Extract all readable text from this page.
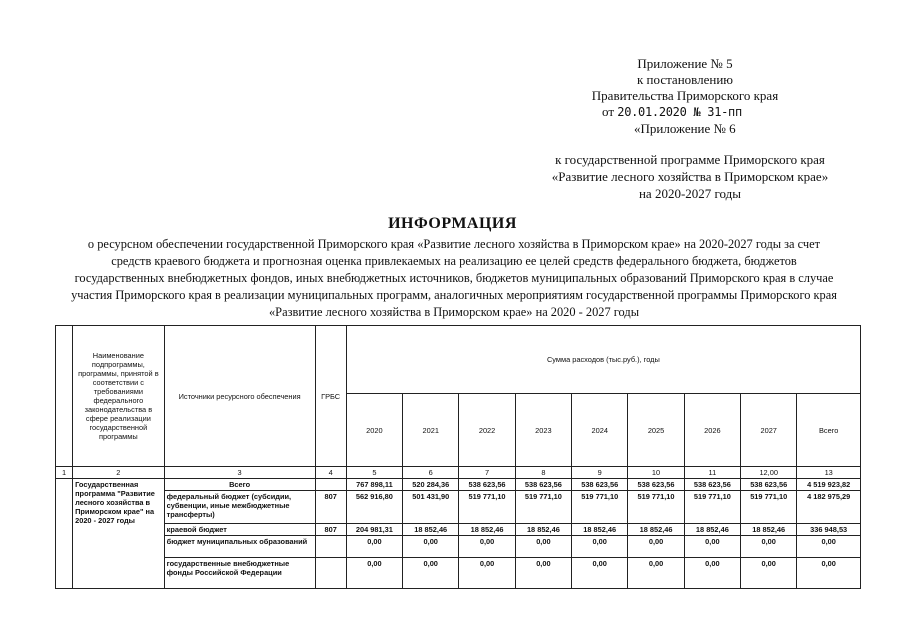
Приложение № 5
к постановлению
Правительства Приморского края
от 20.01.2020 № 31-пп
«Приложение № 6
к государственной программе Приморского края
«Развитие лесного хозяйства в Приморском крае»
на 2020-2027 годы
ИНФОРМАЦИЯ
о ресурсном обеспечении государственной Приморского края «Развитие лесного хозяйства в Приморском крае» на 2020-2027 годы за счет
средств краевого бюджета и прогнозная оценка привлекаемых на реализацию ее целей средств федерального бюджета, бюджетов
государственных внебюджетных фондов, иных внебюджетных источников, бюджетов муниципальных образований Приморского края в случае
участия Приморского края в реализации муниципальных программ, аналогичных мероприятиям государственной программы Приморского края
«Развитие лесного хозяйства в Приморском крае» на 2020 - 2027 годы
	Наименование подпрограммы, программы, принятой в соответствии с требованиями федерального законодательства в сфере реализации государственной программы	Источники ресурсного обеспечения	ГРБС	Сумма расходов (тыс.руб.), годы								
				2020	2021	2022	2023	2024	2025	2026	2027	Всего
1	2	3	4	5	6	7	8	9	10	11	12,00	13
	Государственная программа "Развитие лесного хозяйства в Приморском крае" на 2020 - 2027 годы	Всего		767 898,11	520 284,36	538 623,56	538 623,56	538 623,56	538 623,56	538 623,56	538 623,56	4 519 923,82
		федеральный бюджет (субсидии, субвенции, иные межбюджетные трансферты)	807	562 916,80	501 431,90	519 771,10	519 771,10	519 771,10	519 771,10	519 771,10	519 771,10	4 182 975,29
		краевой бюджет	807	204 981,31	18 852,46	18 852,46	18 852,46	18 852,46	18 852,46	18 852,46	18 852,46	336 948,53
		бюджет муниципальных образований		0,00	0,00	0,00	0,00	0,00	0,00	0,00	0,00	0,00
		государственные внебюджетные фонды Российской Федерации		0,00	0,00	0,00	0,00	0,00	0,00	0,00	0,00	0,00
